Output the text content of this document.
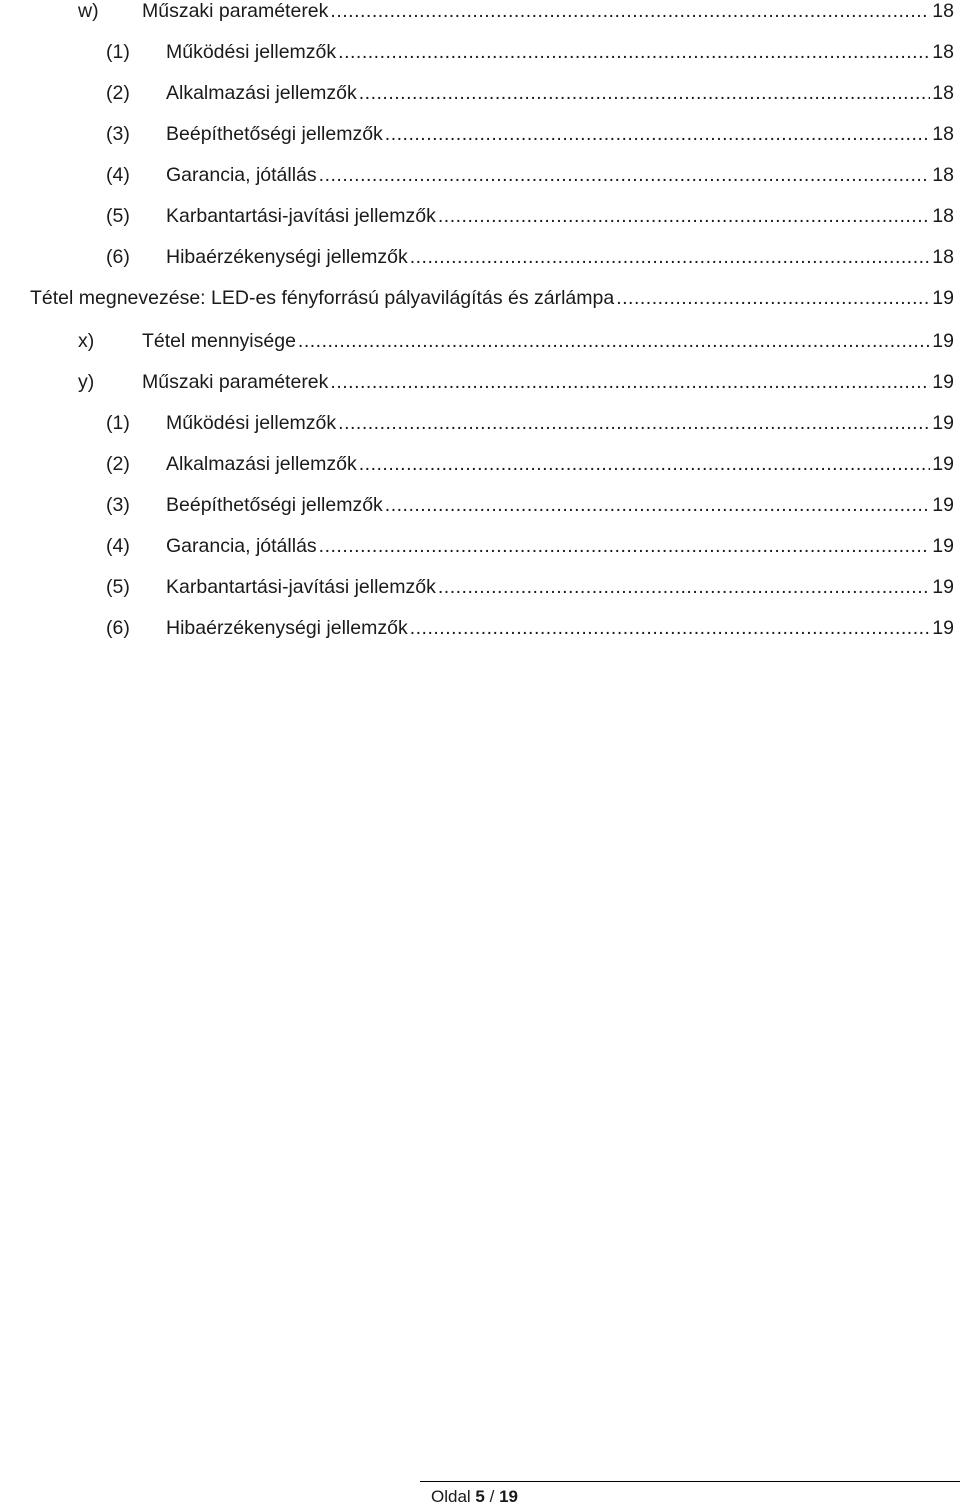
w) Műszaki paraméterek .....	18
(1) Működési jellemzők .....	18
(2) Alkalmazási jellemzők .....	18
(3) Beépíthetőségi jellemzők .....	18
(4) Garancia, jótállás .....	18
(5) Karbantartási-javítási jellemzők .....	18
(6) Hibaérzékenységi jellemzők .....	18
Tétel megnevezése: LED-es fényforrású pályavilágítás és zárlámpa .....	19
x) Tétel mennyisége .....	19
y) Műszaki paraméterek .....	19
(1) Működési jellemzők .....	19
(2) Alkalmazási jellemzők .....	19
(3) Beépíthetőségi jellemzők .....	19
(4) Garancia, jótállás .....	19
(5) Karbantartási-javítási jellemzők .....	19
(6) Hibaérzékenységi jellemzők .....	19
Oldal 5 / 19
